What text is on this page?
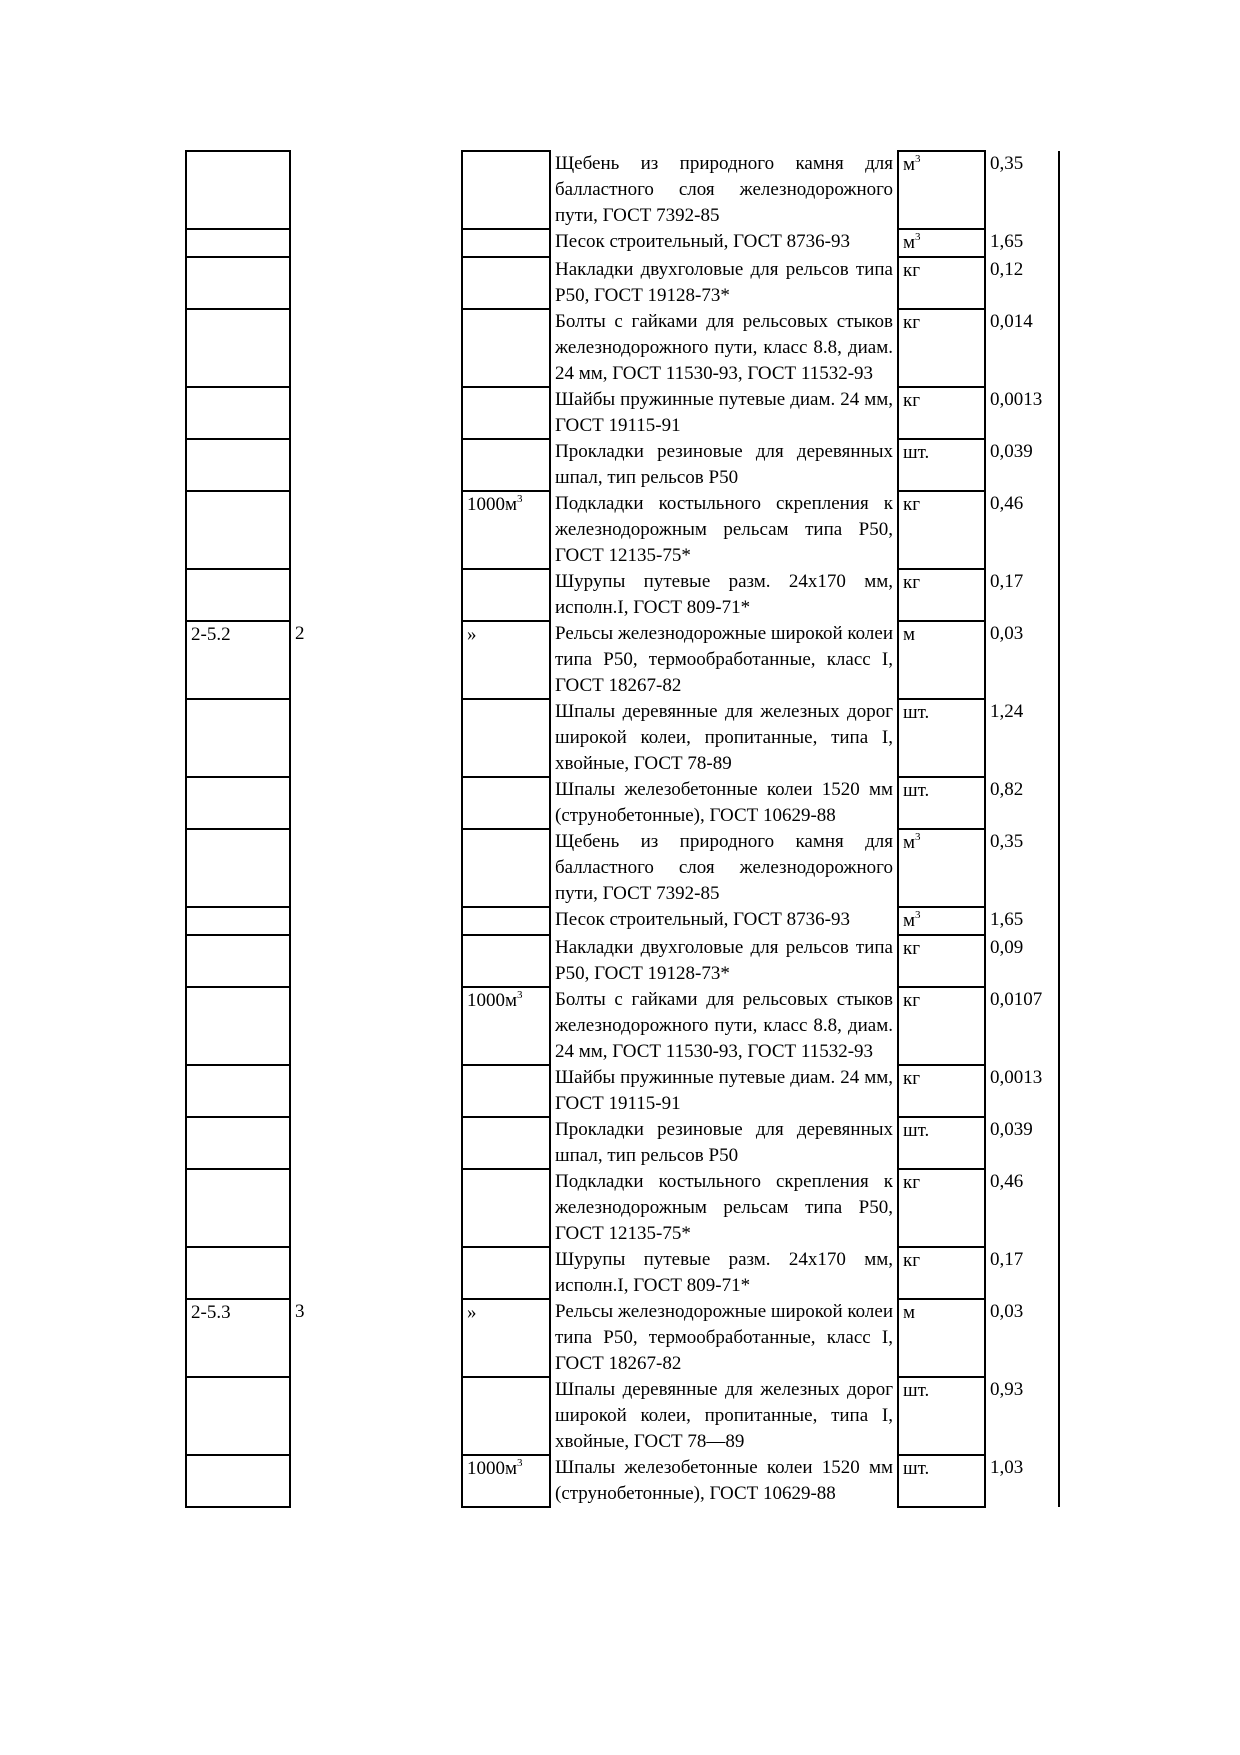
			Щебень из природного камня для балластного слоя железнодорожного пути, ГОСТ 7392-85	$м^3$	0,35
			Песок строительный, ГОСТ 8736-93	$м^3$	1,65
			Накладки двухголовые для рельсов типа Р50, ГОСТ 19128-73*	кг	0,12
			Болты с гайками для рельсовых стыков железнодорожного пути, класс 8.8, диам. 24 мм, ГОСТ 11530-93, ГОСТ 11532-93	кг	0,014
			Шайбы пружинные путевые диам. 24 мм, ГОСТ 19115-91	кг	0,0013
			Прокладки резиновые для деревянных шпал, тип рельсов Р50	шт.	0,039
		$1000м^3$	Подкладки костыльного скрепления к железнодорожным рельсам типа Р50, ГОСТ 12135-75*	кг	0,46
			Шурупы путевые разм. 24x170 мм, исполн.I, ГОСТ 809-71*	кг	0,17
2-5.2	2	»	Рельсы железнодорожные широкой колеи типа Р50, термообработанные, класс I, ГОСТ 18267-82	м	0,03
			Шпалы деревянные для железных дорог широкой колеи, пропитанные, типа I, хвойные, ГОСТ 78-89	шт.	1,24
			Шпалы железобетонные колеи 1520 мм (струнобетонные), ГОСТ 10629-88	шт.	0,82
			Щебень из природного камня для балластного слоя железнодорожного пути, ГОСТ 7392-85	$м^3$	0,35
			Песок строительный, ГОСТ 8736-93	$м^3$	1,65
			Накладки двухголовые для рельсов типа Р50, ГОСТ 19128-73*	кг	0,09
		$1000м^3$	Болты с гайками для рельсовых стыков железнодорожного пути, класс 8.8, диам. 24 мм, ГОСТ 11530-93, ГОСТ 11532-93	кг	0,0107
			Шайбы пружинные путевые диам. 24 мм, ГОСТ 19115-91	кг	0,0013
			Прокладки резиновые для деревянных шпал, тип рельсов Р50	шт.	0,039
			Подкладки костыльного скрепления к железнодорожным рельсам типа Р50, ГОСТ 12135-75*	кг	0,46
			Шурупы путевые разм. 24x170 мм, исполн.I, ГОСТ 809-71*	кг	0,17
2-5.3	3	»	Рельсы железнодорожные широкой колеи типа Р50, термообработанные, класс I, ГОСТ 18267-82	м	0,03
			Шпалы деревянные для железных дорог широкой колеи, пропитанные, типа I, хвойные, ГОСТ 78—89	шт.	0,93
		$1000м^3$	Шпалы железобетонные колеи 1520 мм (струнобетонные), ГОСТ 10629-88	шт.	1,03
